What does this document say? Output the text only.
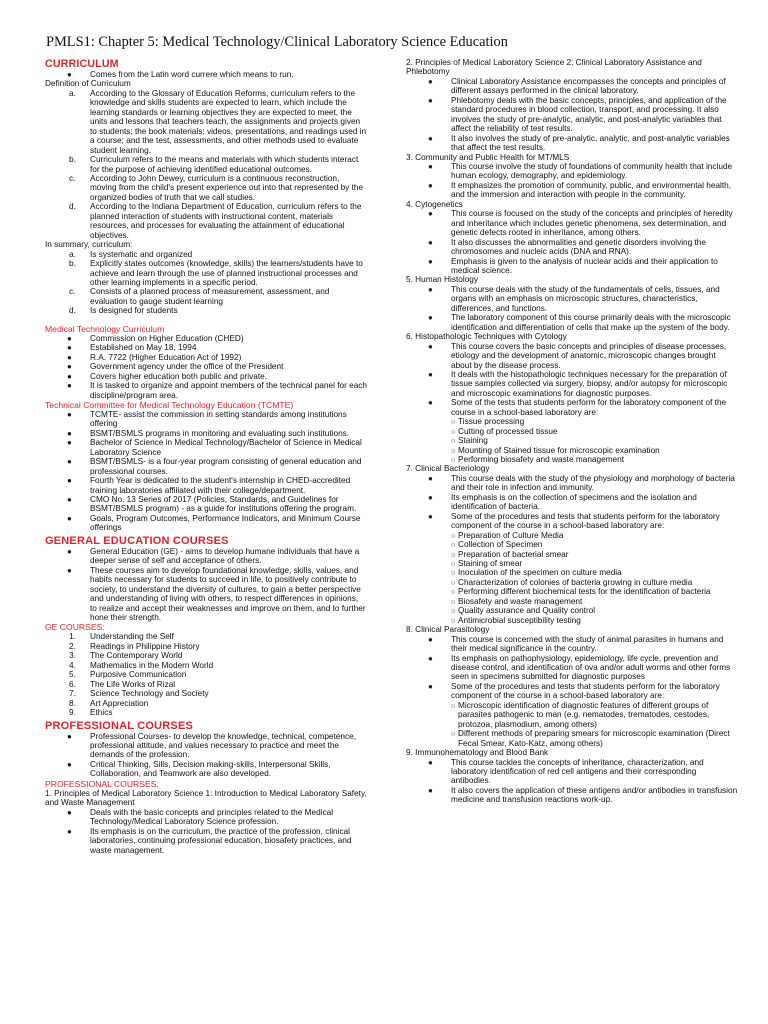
PMLS1: Chapter 5: Medical Technology/Clinical Laboratory Science Education
CURRICULUM
● Comes from the Latin word currere which means to run.
Definition of Curriculum
a. According to the Glossary of Education Reforms, curriculum refers to the knowledge and skills students are expected to learn, which include the learning standards or learning objectives they are expected to meet, the units and lessons that teachers teach, the assignments and projects given to students; the book materials; videos, presentations, and readings used in a course; and the test, assessments, and other methods used to evaluate student learning.
b. Curriculum refers to the means and materials with which students interact for the purpose of achieving identified educational outcomes.
c. According to John Dewey, curriculum is a continuous reconstruction, moving from the child's present experience out into that represented by the organized bodies of truth that we call studies.
d. According to the Indiana Department of Education, curriculum refers to the planned interaction of students with instructional content, materials resources, and processes for evaluating the attainment of educational objectives.
In summary, curriculum:
a. Is systematic and organized
b. Explicitly states outcomes (knowledge, skills) the learners/students have to achieve and learn through the use of planned instructional processes and other learning implements in a specific period.
c. Consists of a planned process of measurement, assessment, and evaluation to gauge student learning
d. Is designed for students
Medical Technology Curriculum
● Commission on Higher Education (CHED)
● Established on May 18, 1994
● R.A. 7722 (Higher Education Act of 1992)
● Government agency under the office of the President
● Covers higher education both public and private.
● It is tasked to organize and appoint members of the technical panel for each discipline/program area.
Technical Committee for Medical Technology Education (TCMTE)
● TCMTE- assist the commission in setting standards among institutions offering
● BSMT/BSMLS programs in monitoring and evaluating such institutions.
● Bachelor of Science in Medical Technology/Bachelor of Science in Medical Laboratory Science
● BSMT/BSMLS- is a four-year program consisting of general education and professional courses.
● Fourth Year is dedicated to the student's internship in CHED-accredited training laboratories affiliated with their college/department.
● CMO No. 13 Series of 2017 (Policies, Standards, and Guidelines for BSMT/BSMLS program) - as a guide for institutions offering the program.
● Goals, Program Outcomes, Performance Indicators, and Minimum Course offerings
GENERAL EDUCATION COURSES
● General Education (GE) - aims to develop humane individuals that have a deeper sense of self and acceptance of others.
● These courses aim to develop foundational knowledge, skills, values, and habits necessary for students to succeed in life, to positively contribute to society, to understand the diversity of cultures, to gain a better perspective and understanding of living with others, to respect differences in opinions, to realize and accept their weaknesses and improve on them, and to further hone their strength.
GE COURSES:
1. Understanding the Self
2. Readings in Philippine History
3. The Contemporary World
4. Mathematics in the Modern World
5. Purposive Communication
6. The Life Works of Rizal
7. Science Technology and Society
8. Art Appreciation
9. Ethics
PROFESSIONAL COURSES
● Professional Courses- to develop the knowledge, technical, competence, professional attitude, and values necessary to practice and meet the demands of the profession.
● Critical Thinking, Sills, Decision making-skills, Interpersonal Skills, Collaboration, and Teamwork are also developed.
PROFESSIONAL COURSES:
1. Principles of Medical Laboratory Science 1: Introduction to Medical Laboratory Safety, and Waste Management
● Deals with the basic concepts and principles related to the Medical Technology/Medical Laboratory Science profession.
● Its emphasis is on the curriculum, the practice of the profession, clinical laboratories, continuing professional education, biosafety practices, and waste management.
2. Principles of Medical Laboratory Science 2: Clinical Laboratory Assistance and Phlebotomy
● Clinical Laboratory Assistance encompasses the concepts and principles of different assays performed in the clinical laboratory.
● Phlebotomy deals with the basic concepts, principles, and application of the standard procedures in blood collection, transport, and processing. It also involves the study of pre-analytic, analytic, and post-analytic variables that affect the reliability of test results.
● It also involves the study of pre-analytic, analytic, and post-analytic variables that affect the test results.
3. Community and Public Health for MT/MLS
● This course involve the study of foundations of community health that include human ecology, demography, and epidemiology.
● It emphasizes the promotion of community, public, and environmental health, and the immersion and interaction with people in the community.
4. Cytogenetics
● This course is focused on the study of the concepts and principles of heredity and inheritance which includes genetic phenomena, sex determination, and genetic defects rooted in inheritance, among others.
● It also discusses the abnormalities and genetic disorders involving the chromosomes and nucleic acids (DNA and RNA).
● Emphasis is given to the analysis of nuclear acids and their application to medical science.
5. Human Histology
● This course deals with the study of the fundamentals of cells, tissues, and organs with an emphasis on microscopic structures, characteristics, differences, and functions.
● The laboratory component of this course primarily deals with the microscopic identification and differentiation of cells that make up the system of the body.
6. Histopathologic Techniques with Cytology
● This course covers the basic concepts and principles of disease processes, etiology and the development of anatomic, microscopic changes brought about by the disease process.
● It deals with the histopathologic techniques necessary for the preparation of tissue samples collected via surgery, biopsy, and/or autopsy for microscopic and microscopic examinations for diagnostic purposes.
● Some of the tests that students perform for the laboratory component of the course in a school-based laboratory are:
○ Tissue processing
○ Cutting of processed tissue
○ Staining
○ Mounting of Stained tissue for microscopic examination
○ Performing biosafety and waste management
7. Clinical Bacteriology
● This course deals with the study of the physiology and morphology of bacteria and their role in infection and immunity.
● Its emphasis is on the collection of specimens and the isolation and identification of bacteria.
● Some of the procedures and tests that students perform for the laboratory component of the course in a school-based laboratory are:
○ Preparation of Culture Media
○ Collection of Specimen
○ Preparation of bacterial smear
○ Staining of smear
○ Inoculation of the specimen on culture media
○ Characterization of colonies of bacteria growing in culture media
○ Performing different biochemical tests for the identification of bacteria
○ Biosafety and waste management
○ Quality assurance and Quality control
○ Antimicrobial susceptibility testing
8. Clinical Parasitology
● This course is concerned with the study of animal parasites in humans and their medical significance in the country.
● Its emphasis on pathophysiology, epidemiology, life cycle, prevention and disease control, and identification of ova and/or adult worms and other forms seen in specimens submitted for diagnostic purposes
● Some of the procedures and tests that students perform for the laboratory component of the course in a school-based laboratory are:
○ Microscopic identification of diagnostic features of different groups of parasites pathogenic to man (e.g. nematodes, trematodes, cestodes, protozoa, plasmodium, among others)
○ Different methods of preparing smears for microscopic examination (Direct Fecal Smear, Kato-Katz, among others)
9. Immunohematology and Blood Bank
● This course tackles the concepts of inheritance, characterization, and laboratory identification of red cell antigens and their corresponding antibodies.
● It also covers the application of these antigens and/or antibodies in transfusion medicine and transfusion reactions work-up.
